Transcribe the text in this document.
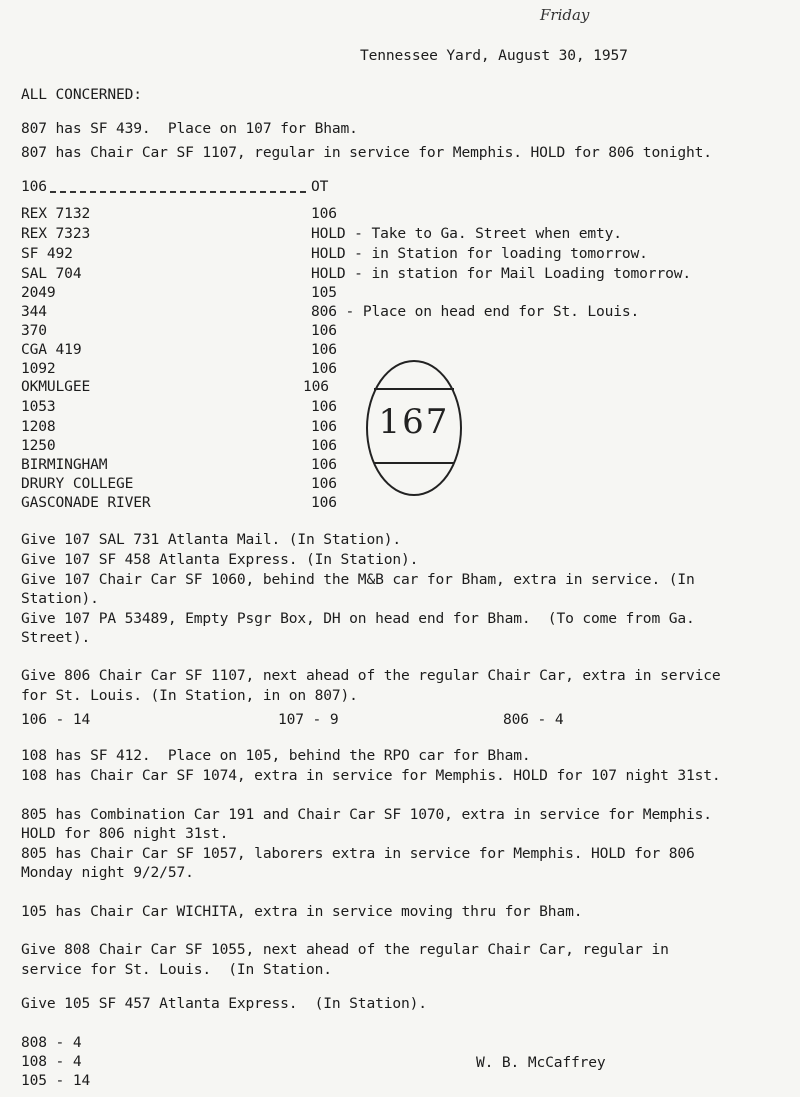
Friday
Tennessee Yard, August 30, 1957
ALL CONCERNED:
807 has SF 439.  Place on 107 for Bham.
807 has Chair Car SF 1107, regular in service for Memphis. HOLD for 806 tonight.
106	OT
REX 7132	106
REX 7323	HOLD - Take to Ga. Street when emty.
SF 492	HOLD - in Station for loading tomorrow.
SAL 704	HOLD - in station for Mail Loading tomorrow.
2049	105
344	806 - Place on head end for St. Louis.
370	106
CGA 419	106
1092	106
OKMULGEE	106
1053	106
1208	106
1250	106
BIRMINGHAM	106
DRURY COLLEGE	106
GASCONADE RIVER	106
167
Give 107 SAL 731 Atlanta Mail. (In Station).
Give 107 SF 458 Atlanta Express. (In Station).
Give 107 Chair Car SF 1060, behind the M&B car for Bham, extra in service. (In
Station).
Give 107 PA 53489, Empty Psgr Box, DH on head end for Bham.  (To come from Ga.
Street).
Give 806 Chair Car SF 1107, next ahead of the regular Chair Car, extra in service
for St. Louis. (In Station, in on 807).
106 - 14	107 - 9	806 - 4
108 has SF 412.  Place on 105, behind the RPO car for Bham.
108 has Chair Car SF 1074, extra in service for Memphis. HOLD for 107 night 31st.
805 has Combination Car 191 and Chair Car SF 1070, extra in service for Memphis.
HOLD for 806 night 31st.
805 has Chair Car SF 1057, laborers extra in service for Memphis. HOLD for 806
Monday night 9/2/57.
105 has Chair Car WICHITA, extra in service moving thru for Bham.
Give 808 Chair Car SF 1055, next ahead of the regular Chair Car, regular in
service for St. Louis.  (In Station.
Give 105 SF 457 Atlanta Express.  (In Station).
808 - 4
108 - 4
105 - 14
W. B. McCaffrey
